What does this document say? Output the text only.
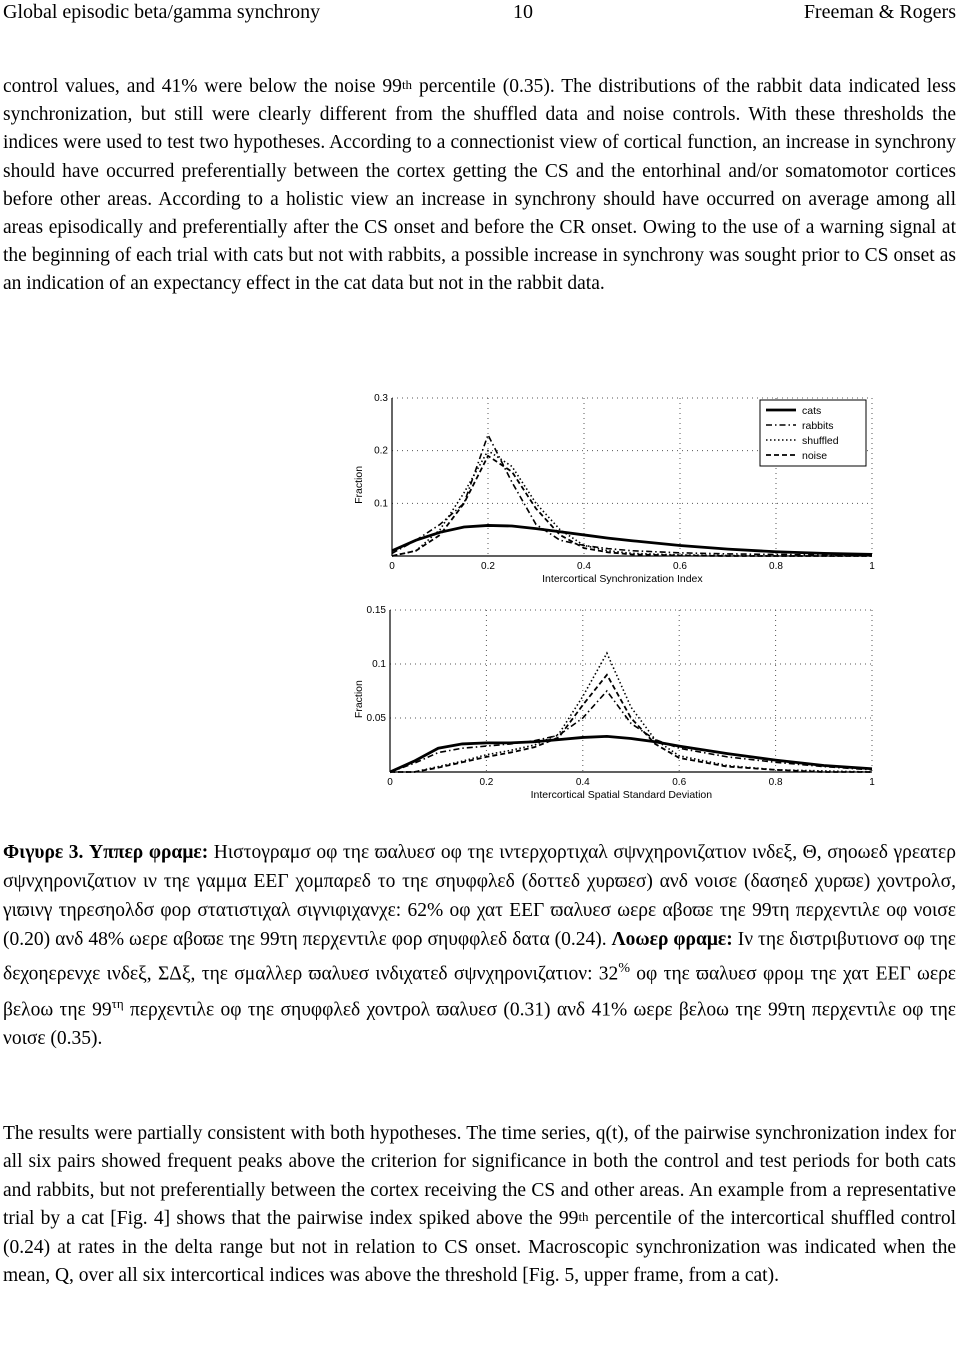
Global episodic beta/gamma synchrony	10	Freeman & Rogers

control values, and 41% were below the noise 99th percentile (0.35). The distributions of the rabbit data indicated less synchronization, but still were clearly different from the shuffled data and noise controls. With these thresholds the indices were used to test two hypotheses. According to a connectionist view of cortical function, an increase in synchrony should have occurred preferentially between the cortex getting the CS and the entorhinal and/or somatomotor cortices before other areas. According to a holistic view an increase in synchrony should have occurred on average among all areas episodically and preferentially after the CS onset and before the CR onset. Owing to the use of a warning signal at the beginning of each trial with cats but not with rabbits, a possible increase in synchrony was sought prior to CS onset as an indication of an expectancy effect in the cat data but not in the rabbit data.

0	0.2	0.4	0.6	0.8	1
0.1
0.2
0.3
Intercortical Synchronization Index
Fraction
cats
rabbits
shuffled
noise
0	0.2	0.4	0.6	0.8	1
0.05
0.1
0.15
Intercortical Spatial Standard Deviation
Fraction

Φιγυρε 3. Υππερ φραμε: Ηιστογραμσ οφ τηε ϖαλυεσ οφ τηε ιντερχορτιχαλ σψνχηρονιζατιον ινδεξ, Θ, σηοωεδ γρεατερ σψνχηρονιζατιον ιν τηε γαμμα ΕΕΓ χομπαρεδ το τηε σηυφφλεδ (δοττεδ χυρϖεσ) ανδ νοισε (δασηεδ χυρϖε) χοντρολσ, γιϖινγ τηρεσηολδσ φορ στατιστιχαλ σιγνιφιχανχε: 62% οφ χατ ΕΕΓ ϖαλυεσ ωερε αβοϖε τηε 99τη περχεντιλε οφ νοισε (0.20) ανδ 48% ωερε αβοϖε τηε 99τη περχεντιλε φορ σηυφφλεδ δατα (0.24). Λοωερ φραμε: Ιν τηε διστριβυτιονσ οφ τηε δεχοηερενχε ινδεξ, ΣΔξ, τηε σμαλλερ ϖαλυεσ ινδιχατεδ σψνχηρονιζατιον: 32% οφ τηε ϖαλυεσ φρομ τηε χατ ΕΕΓ ωερε βελοω τηε $99^{\tau\eta}$ περχεντιλε οφ τηε σηυφφλεδ χοντρολ ϖαλυεσ (0.31) ανδ 41% ωερε βελοω τηε 99τη περχεντιλε οφ τηε νοισε (0.35).

The results were partially consistent with both hypotheses. The time series, q(t), of the pairwise synchronization index for all six pairs showed frequent peaks above the criterion for significance in both the control and test periods for both cats and rabbits, but not preferentially between the cortex receiving the CS and other areas. An example from a representative trial by a cat [Fig. 4] shows that the pairwise index spiked above the 99th percentile of the intercortical shuffled control (0.24) at rates in the delta range but not in relation to CS onset. Macroscopic synchronization was indicated when the mean, Q, over all six intercortical indices was above the threshold [Fig. 5, upper frame, from a cat).
